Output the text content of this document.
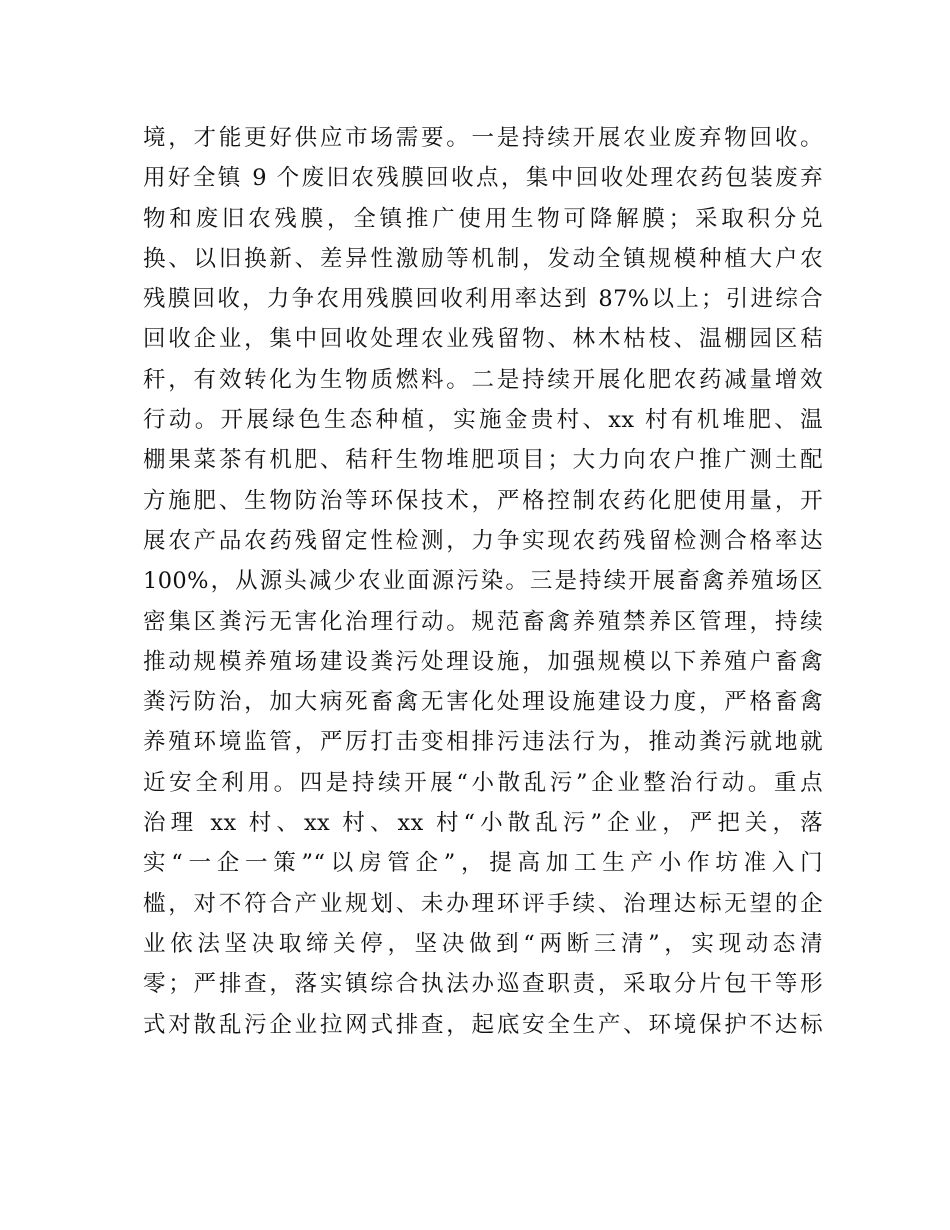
境，才能更好供应市场需要。一是持续开展农业废弃物回收。
用好全镇 9 个废旧农残膜回收点，集中回收处理农药包装废弃
物和废旧农残膜，全镇推广使用生物可降解膜；采取积分兑
换、以旧换新、差异性激励等机制，发动全镇规模种植大户农
残膜回收，力争农用残膜回收利用率达到 87%以上；引进综合
回收企业，集中回收处理农业残留物、林木枯枝、温棚园区秸
秆，有效转化为生物质燃料。二是持续开展化肥农药减量增效
行动。开展绿色生态种植，实施金贵村、xx 村有机堆肥、温
棚果菜茶有机肥、秸秆生物堆肥项目；大力向农户推广测土配
方施肥、生物防治等环保技术，严格控制农药化肥使用量，开
展农产品农药残留定性检测，力争实现农药残留检测合格率达
100%，从源头减少农业面源污染。三是持续开展畜禽养殖场区
密集区粪污无害化治理行动。规范畜禽养殖禁养区管理，持续
推动规模养殖场建设粪污处理设施，加强规模以下养殖户畜禽
粪污防治，加大病死畜禽无害化处理设施建设力度，严格畜禽
养殖环境监管，严厉打击变相排污违法行为，推动粪污就地就
近安全利用。四是持续开展“小散乱污”企业整治行动。重点
治理 xx 村、xx 村、xx 村“小散乱污”企业，严把关，落
实“一企一策”“以房管企”，提高加工生产小作坊准入门
槛，对不符合产业规划、未办理环评手续、治理达标无望的企
业依法坚决取缔关停，坚决做到“两断三清”，实现动态清
零；严排查，落实镇综合执法办巡查职责，采取分片包干等形
式对散乱污企业拉网式排查，起底安全生产、环境保护不达标
